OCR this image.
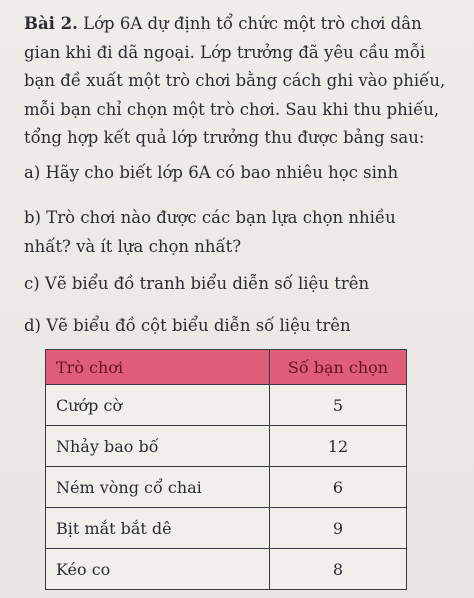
Bài 2. Lớp 6A dự định tổ chức một trò chơi dân
gian khi đi dã ngoại. Lớp trưởng đã yêu cầu mỗi
bạn đề xuất một trò chơi bằng cách ghi vào phiếu,
mỗi bạn chỉ chọn một trò chơi. Sau khi thu phiếu,
tổng hợp kết quả lớp trưởng thu được bảng sau:
a) Hãy cho biết lớp 6A có bao nhiêu học sinh
b) Trò chơi nào được các bạn lựa chọn nhiều
nhất? và ít lựa chọn nhất?
c) Vẽ biểu đồ tranh biểu diễn số liệu trên
d) Vẽ biểu đồ cột biểu diễn số liệu trên
Trò chơi	Số bạn chọn
Cướp cờ	5
Nhảy bao bố	12
Ném vòng cổ chai	6
Bịt mắt bắt dê	9
Kéo co	8
